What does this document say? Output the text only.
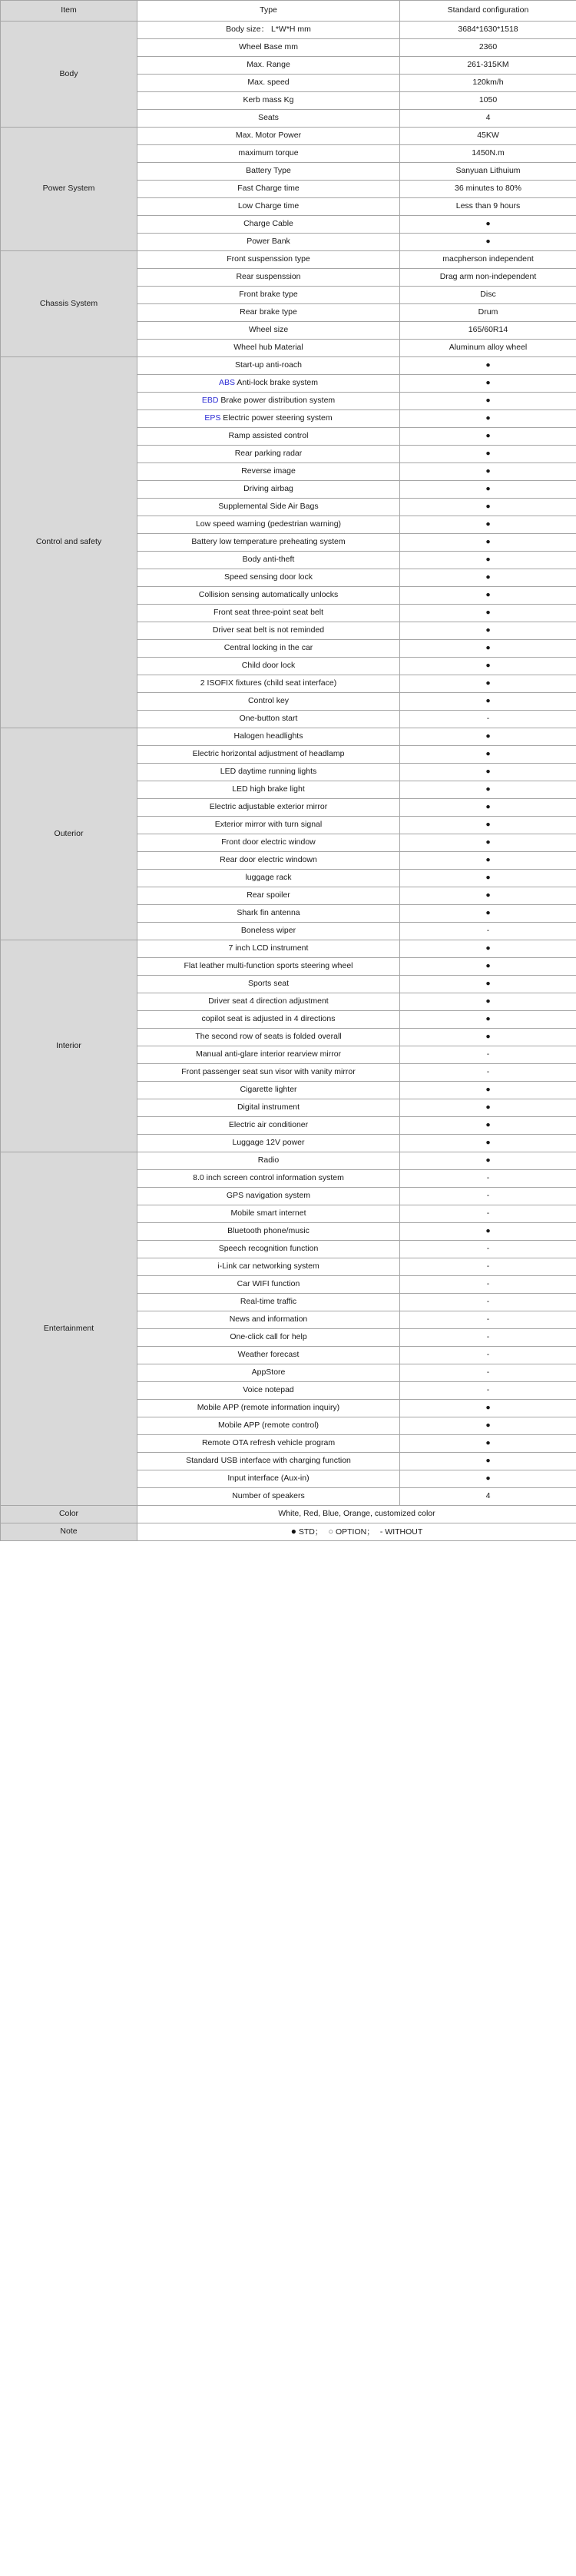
Item	Type	Standard configuration
Body	Body size： L*W*H mm	3684*1630*1518
	Wheel Base mm	2360
	Max. Range	261-315KM
	Max. speed	120km/h
	Kerb mass Kg	1050
	Seats	4
Power System	Max. Motor Power	45KW
	maximum torque	1450N.m
	Battery Type	Sanyuan Lithuium
	Fast Charge time	36 minutes to 80%
	Low Charge time	Less than 9 hours
	Charge Cable	●
	Power Bank	●
Chassis System	Front suspenssion type	macpherson independent
	Rear suspenssion	Drag arm non-independent
	Front brake type	Disc
	Rear brake type	Drum
	Wheel size	165/60R14
	Wheel hub Material	Aluminum alloy wheel
Control and safety	Start-up anti-roach	●
	ABS Anti-lock brake system	●
	EBD Brake power distribution system	●
	EPS Electric power steering system	●
	Ramp assisted control	●
	Rear parking radar	●
	Reverse image	●
	Driving airbag	●
	Supplemental Side Air Bags	●
	Low speed warning (pedestrian warning)	●
	Battery low temperature preheating system	●
	Body anti-theft	●
	Speed sensing door lock	●
	Collision sensing automatically unlocks	●
	Front seat three-point seat belt	●
	Driver seat belt is not reminded	●
	Central locking in the car	●
	Child door lock	●
	2 ISOFIX fixtures (child seat interface)	●
	Control key	●
	One-button start	-
Outerior	Halogen headlights	●
	Electric horizontal adjustment of headlamp	●
	LED daytime running lights	●
	LED high brake light	●
	Electric adjustable exterior mirror	●
	Exterior mirror with turn signal	●
	Front door electric window	●
	Rear door electric windown	●
	luggage rack	●
	Rear spoiler	●
	Shark fin antenna	●
	Boneless wiper	-
Interior	7 inch LCD instrument	●
	Flat leather multi-function sports steering wheel	●
	Sports seat	●
	Driver seat 4 direction adjustment	●
	copilot seat is adjusted in 4 directions	●
	The second row of seats is folded overall	●
	Manual anti-glare interior rearview mirror	-
	Front passenger seat sun visor with vanity mirror	-
	Cigarette lighter	●
	Digital instrument	●
	Electric air conditioner	●
	Luggage 12V power	●
Entertainment	Radio	●
	8.0 inch screen control information system	-
	GPS navigation system	-
	Mobile smart internet	-
	Bluetooth phone/music	●
	Speech recognition function	-
	i-Link car networking system	-
	Car WIFI function	-
	Real-time traffic	-
	News and information	-
	One-click call for help	-
	Weather forecast	-
	AppStore	-
	Voice notepad	-
	Mobile APP (remote information inquiry)	●
	Mobile APP (remote control)	●
	Remote OTA refresh vehicle program	●
	Standard USB interface with charging function	●
	Input interface (Aux-in)	●
	Number of speakers	4
Color	White, Red, Blue, Orange, customized color	
Note	● STD； ○ OPTION； - WITHOUT	
